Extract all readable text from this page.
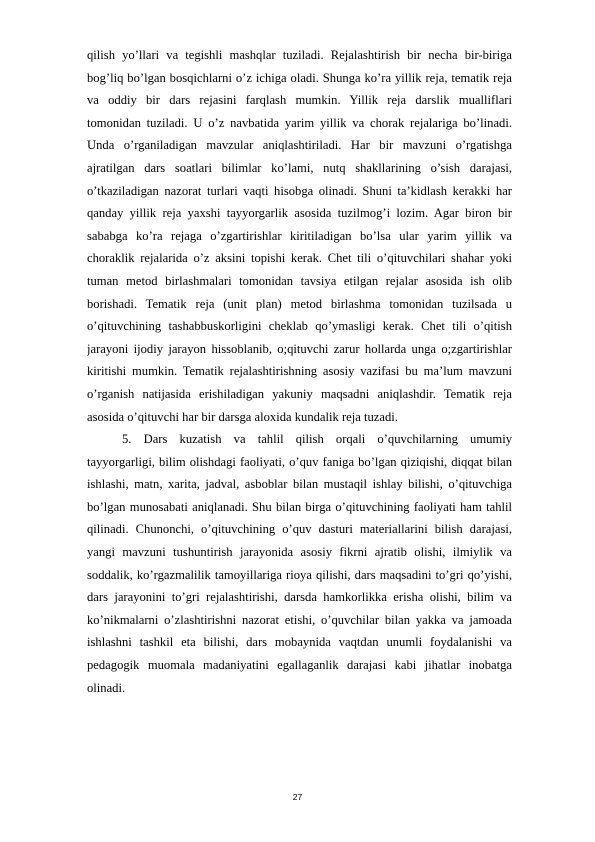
qilish yo’llari va tegishli mashqlar tuziladi. Rejalashtirish bir necha bir-biriga
bog’liq bo’lgan bosqichlarni o’z ichiga oladi. Shunga ko’ra yillik reja, tematik reja
va oddiy bir dars rejasini farqlash mumkin. Yillik reja darslik mualliflari
tomonidan tuziladi. U o’z navbatida yarim yillik va chorak rejalariga bo’linadi.
Unda o’rganiladigan mavzular aniqlashtiriladi. Har bir mavzuni o’rgatishga
ajratilgan dars soatlari bilimlar ko’lami, nutq shakllarining o’sish darajasi,
o’tkaziladigan nazorat turlari vaqti hisobga olinadi. Shuni ta’kidlash kerakki har
qanday yillik reja yaxshi tayyorgarlik asosida tuzilmog’i lozim. Agar biron bir
sababga ko’ra rejaga o’zgartirishlar kiritiladigan bo’lsa ular yarim yillik va
choraklik rejalarida o’z aksini topishi kerak. Chet tili o’qituvchilari shahar yoki
tuman metod birlashmalari tomonidan tavsiya etilgan rejalar asosida ish olib
borishadi. Tematik reja (unit plan) metod birlashma tomonidan tuzilsada u
o’qituvchining tashabbuskorligini cheklab qo’ymasligi kerak. Chet tili o’qitish
jarayoni ijodiy jarayon hissoblanib, o;qituvchi zarur hollarda unga o;zgartirishlar
kiritishi mumkin. Tematik rejalashtirishning asosiy vazifasi bu ma’lum mavzuni
o’rganish natijasida erishiladigan yakuniy maqsadni aniqlashdir. Tematik reja
asosida o’qituvchi har bir darsga aloxida kundalik reja tuzadi.
5. Dars kuzatish va tahlil qilish orqali o’quvchilarning umumiy
tayyorgarligi, bilim olishdagi faoliyati, o’quv faniga bo’lgan qiziqishi, diqqat bilan
ishlashi, matn, xarita, jadval, asboblar bilan mustaqil ishlay bilishi, o’qituvchiga
bo’lgan munosabati aniqlanadi. Shu bilan birga o’qituvchining faoliyati ham tahlil
qilinadi. Chunonchi, o’qituvchining o’quv dasturi materiallarini bilish darajasi,
yangi mavzuni tushuntirish jarayonida asosiy fikrni ajratib olishi, ilmiylik va
soddalik, ko’rgazmalilik tamoyillariga rioya qilishi, dars maqsadini to’gri qo’yishi,
dars jarayonini to’gri rejalashtirishi, darsda hamkorlikka erisha olishi, bilim va
ko’nikmalarni o’zlashtirishni nazorat etishi, o’quvchilar bilan yakka va jamoada
ishlashni tashkil eta bilishi, dars mobaynida vaqtdan unumli foydalanishi va
pedagogik muomala madaniyatini egallaganlik darajasi kabi jihatlar inobatga
olinadi.
27
